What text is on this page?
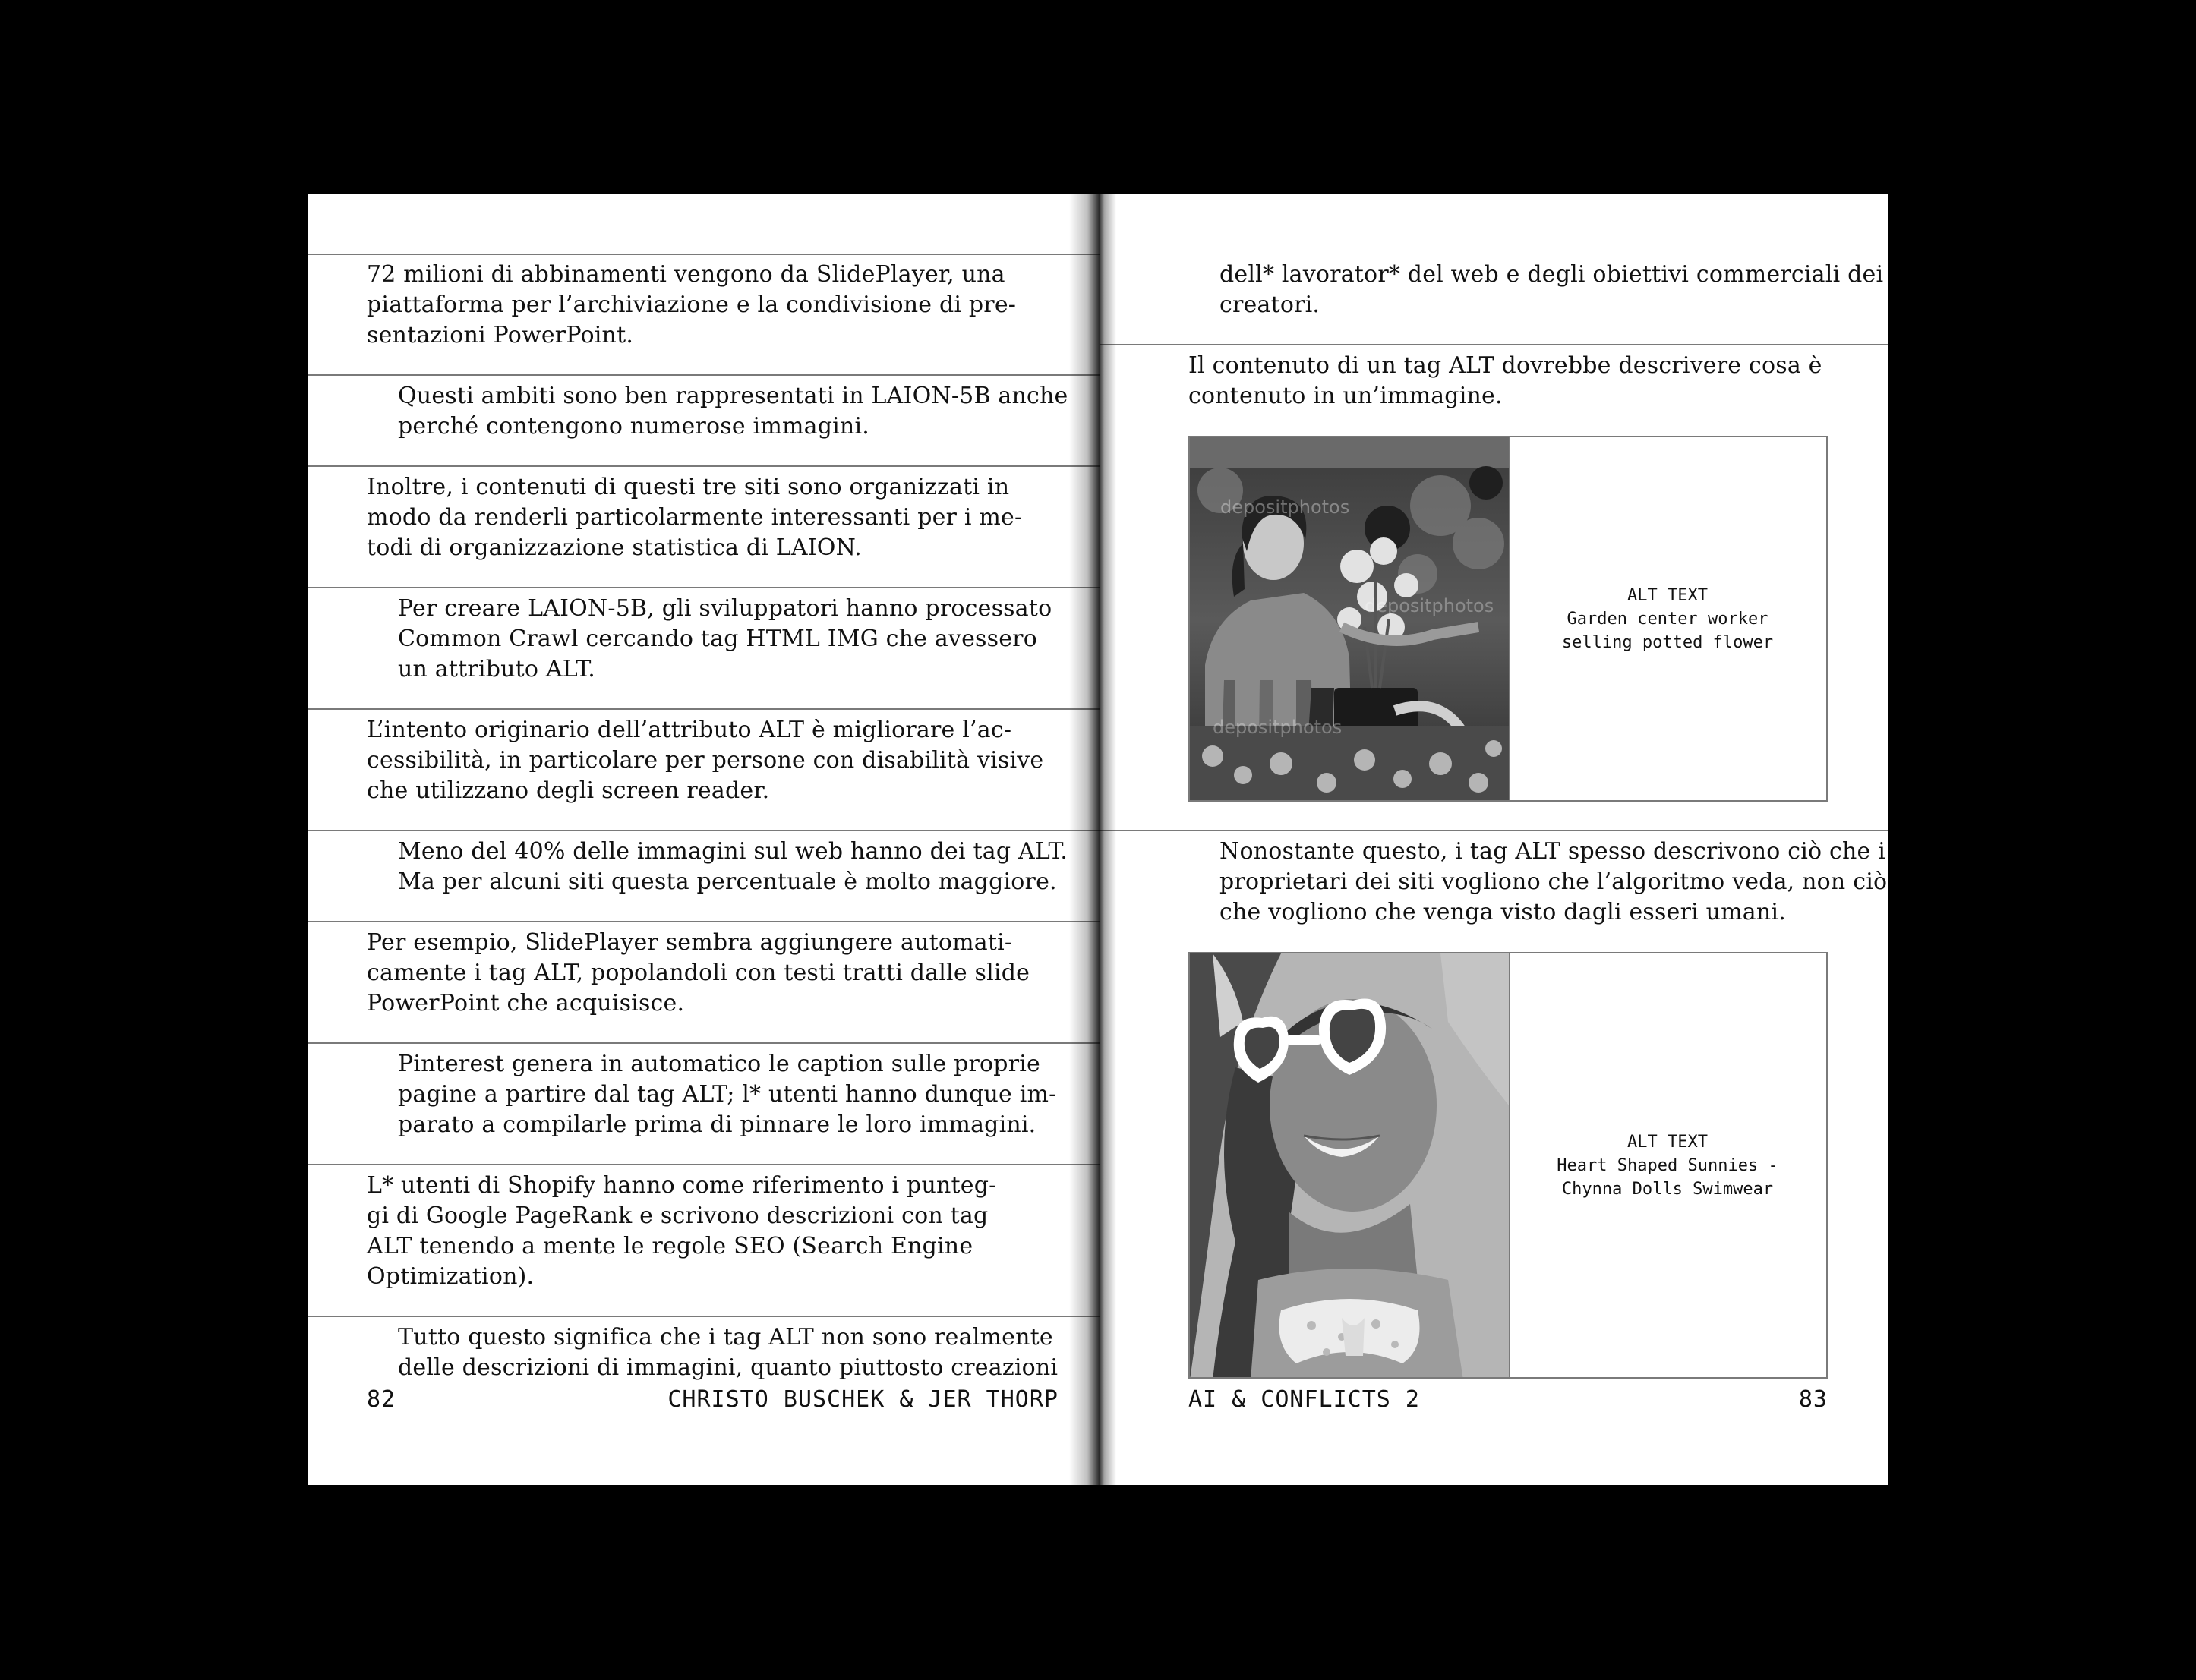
72 milioni di abbinamenti vengono da SlidePlayer, una
piattaforma per l’archiviazione e la condivisione di pre-
sentazioni PowerPoint.

Questi ambiti sono ben rappresentati in LAION-5B anche
perché contengono numerose immagini.

Inoltre, i contenuti di questi tre siti sono organizzati in
modo da renderli particolarmente interessanti per i me-
todi di organizzazione statistica di LAION.

Per creare LAION-5B, gli sviluppatori hanno processato
Common Crawl cercando tag HTML IMG che avessero
un attributo ALT.

L’intento originario dell’attributo ALT è migliorare l’ac-
cessibilità, in particolare per persone con disabilità visive
che utilizzano degli screen reader.

Meno del 40% delle immagini sul web hanno dei tag ALT.
Ma per alcuni siti questa percentuale è molto maggiore.

Per esempio, SlidePlayer sembra aggiungere automati-
camente i tag ALT, popolandoli con testi tratti dalle slide
PowerPoint che acquisisce.

Pinterest genera in automatico le caption sulle proprie
pagine a partire dal tag ALT; l* utenti hanno dunque im-
parato a compilarle prima di pinnare le loro immagini.

L* utenti di Shopify hanno come riferimento i punteg-
gi di Google PageRank e scrivono descrizioni con tag
ALT tenendo a mente le regole SEO (Search Engine
Optimization).

Tutto questo significa che i tag ALT non sono realmente
delle descrizioni di immagini, quanto piuttosto creazioni

82	CHRISTO BUSCHEK & JER THORP

dell* lavorator* del web e degli obiettivi commerciali dei
creatori.

Il contenuto di un tag ALT dovrebbe descrivere cosa è
contenuto in un’immagine.

depositphotos
depositphotos
depositphotos
ALT TEXT
Garden center worker
selling potted flower

Nonostante questo, i tag ALT spesso descrivono ciò che i
proprietari dei siti vogliono che l’algoritmo veda, non ciò
che vogliono che venga visto dagli esseri umani.

ALT TEXT
Heart Shaped Sunnies -
Chynna Dolls Swimwear
AI & CONFLICTS 2	83
